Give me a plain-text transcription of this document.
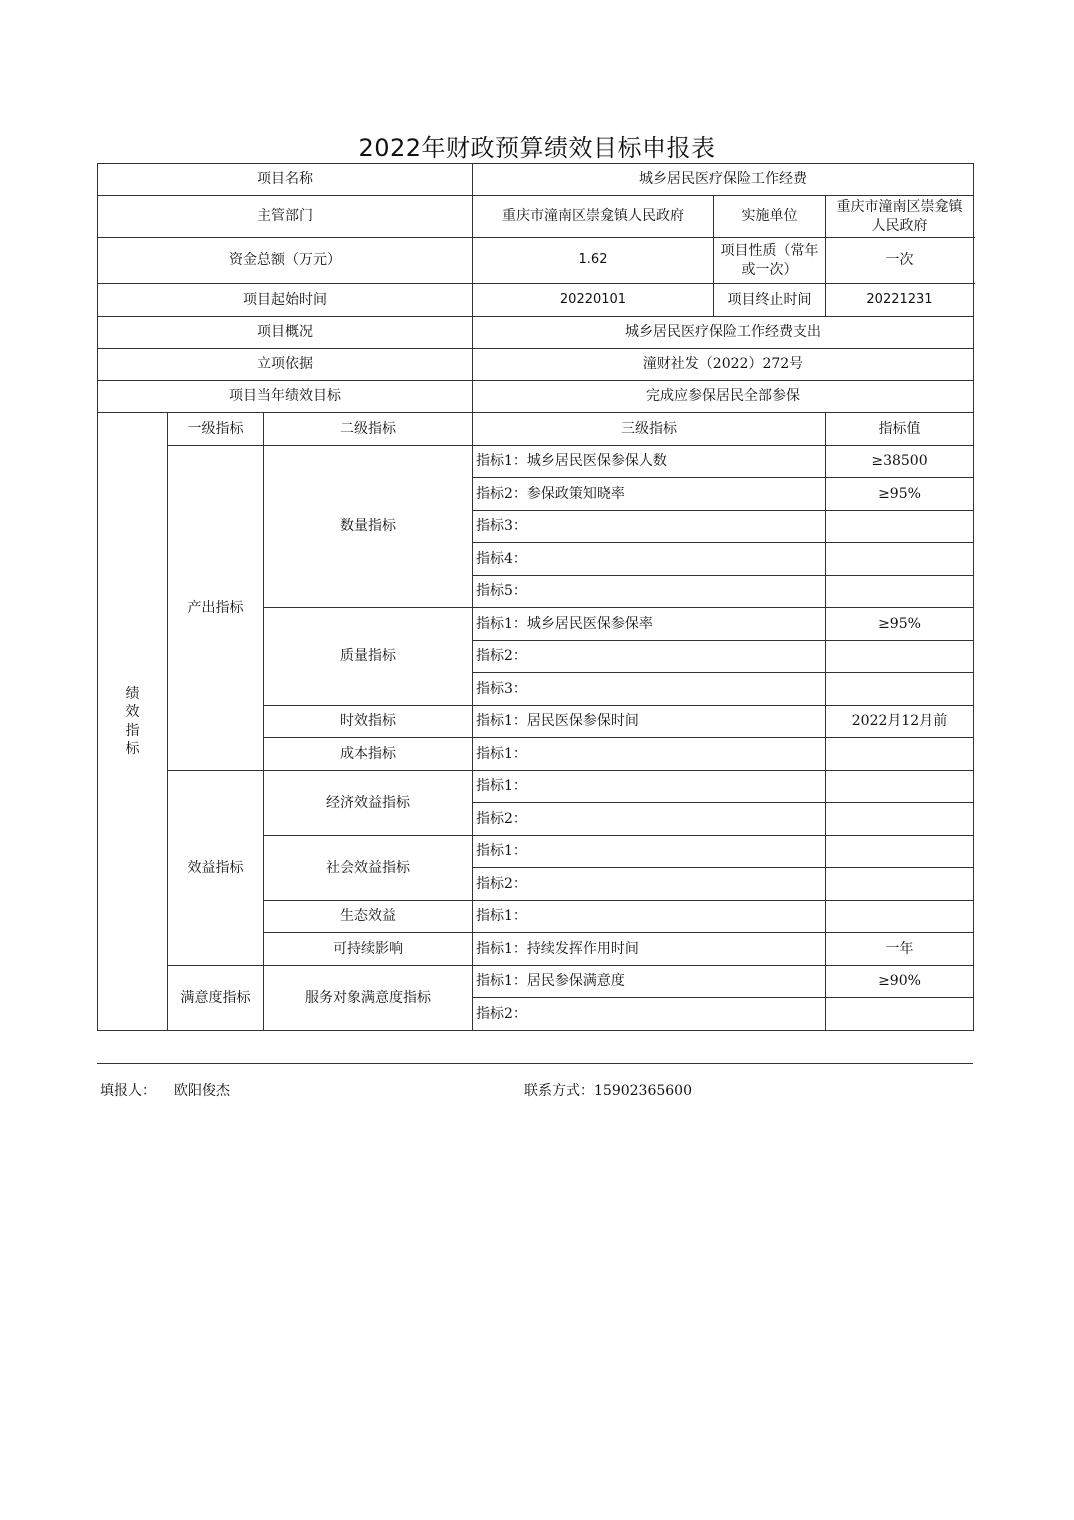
2022年财政预算绩效目标申报表
项目名称			城乡居民医疗保险工作经费		
主管部门			重庆市潼南区崇龛镇人民政府	实施单位	重庆市潼南区崇龛镇人民政府
资金总额（万元）			1.62	项目性质（常年或一次）	一次
项目起始时间			20220101	项目终止时间	20221231
项目概况			城乡居民医疗保险工作经费支出		
立项依据			潼财社发（2022）272号		
项目当年绩效目标			完成应参保居民全部参保		
绩
效
指
标	一级指标	二级指标	三级指标		指标值
	产出指标	数量指标	指标1：城乡居民医保参保人数		≥38500
			指标2：参保政策知晓率		≥95%
			指标3：		
			指标4：		
			指标5：		
		质量指标	指标1：城乡居民医保参保率		≥95%
			指标2：		
			指标3：		
		时效指标	指标1：居民医保参保时间		2022月12月前
		成本指标	指标1：		
	效益指标	经济效益指标	指标1：		
			指标2：		
		社会效益指标	指标1：		
			指标2：		
		生态效益	指标1：		
		可持续影响	指标1：持续发挥作用时间		一年
	满意度指标	服务对象满意度指标	指标1：居民参保满意度		≥90%
			指标2：		
填报人： 欧阳俊杰	联系方式：15902365600
